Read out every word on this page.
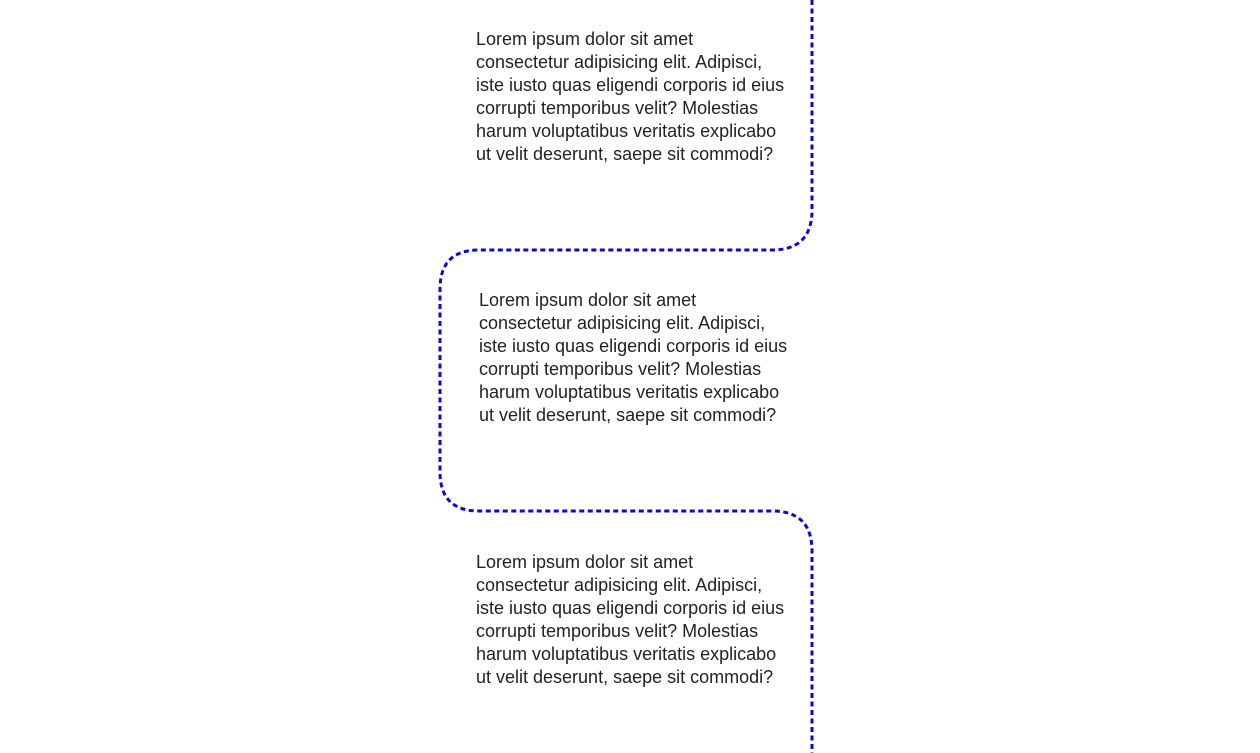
Lorem ipsum dolor sit amet consectetur adipisicing elit. Adipisci, iste iusto quas eligendi corporis id eius corrupti temporibus velit? Molestias harum voluptatibus veritatis explicabo ut velit deserunt, saepe sit commodi?

Lorem ipsum dolor sit amet consectetur adipisicing elit. Adipisci, iste iusto quas eligendi corporis id eius corrupti temporibus velit? Molestias harum voluptatibus veritatis explicabo ut velit deserunt, saepe sit commodi?

Lorem ipsum dolor sit amet consectetur adipisicing elit. Adipisci, iste iusto quas eligendi corporis id eius corrupti temporibus velit? Molestias harum voluptatibus veritatis explicabo ut velit deserunt, saepe sit commodi?
